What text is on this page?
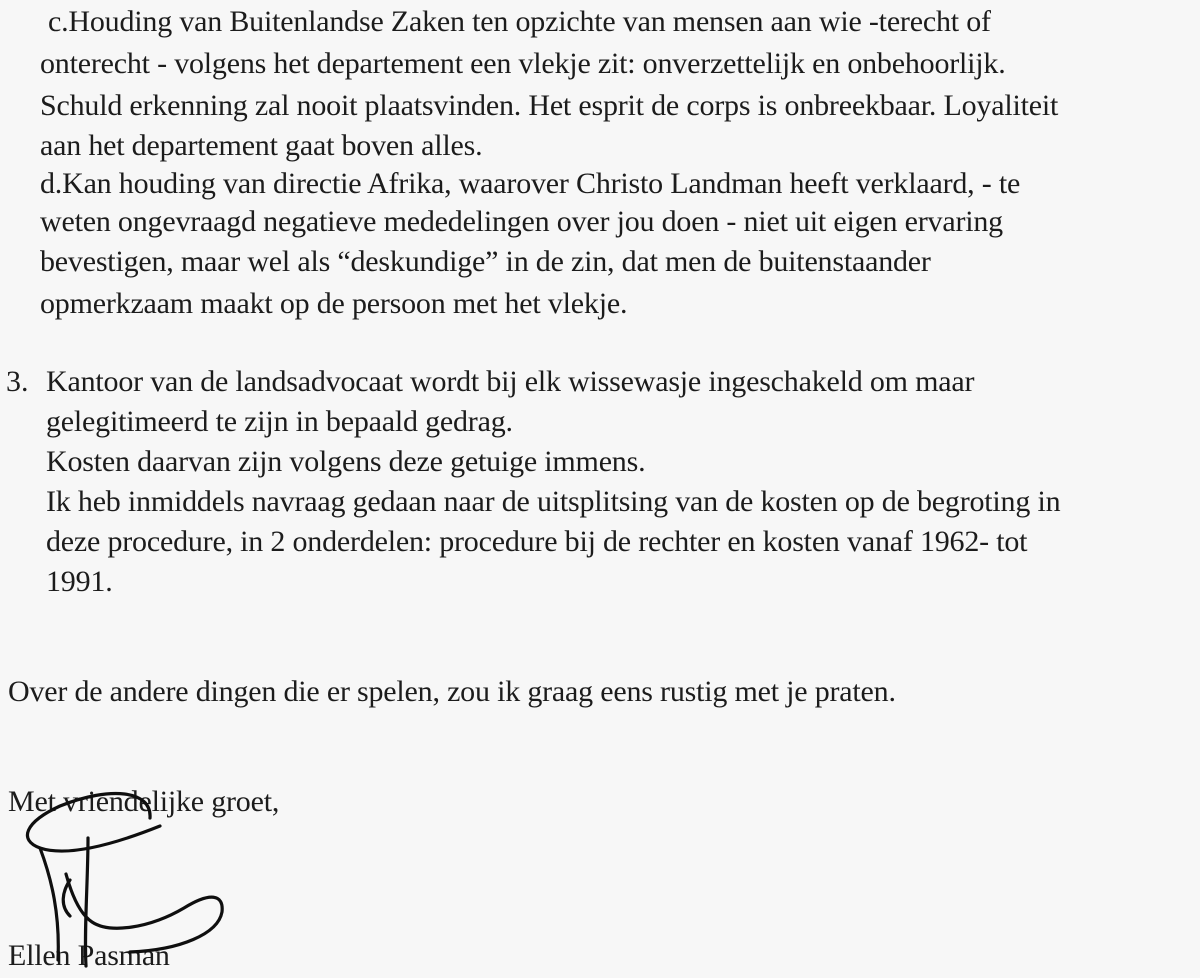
c.Houding van Buitenlandse Zaken ten opzichte van mensen aan wie -terecht of
onterecht - volgens het departement een vlekje zit: onverzettelijk en onbehoorlijk.
Schuld erkenning zal nooit plaatsvinden. Het esprit de corps is onbreekbaar. Loyaliteit
aan het departement gaat boven alles.
d.Kan houding van directie Afrika, waarover Christo Landman heeft verklaard, - te
weten ongevraagd negatieve mededelingen over jou doen - niet uit eigen ervaring
bevestigen, maar wel als “deskundige” in de zin, dat men de buitenstaander
opmerkzaam maakt op de persoon met het vlekje.
3. Kantoor van de landsadvocaat wordt bij elk wissewasje ingeschakeld om maar
gelegitimeerd te zijn in bepaald gedrag.
Kosten daarvan zijn volgens deze getuige immens.
Ik heb inmiddels navraag gedaan naar de uitsplitsing van de kosten op de begroting in
deze procedure, in 2 onderdelen: procedure bij de rechter en kosten vanaf 1962- tot
1991.
Over de andere dingen die er spelen, zou ik graag eens rustig met je praten.
Met vriendelijke groet,
Ellen Pasman
